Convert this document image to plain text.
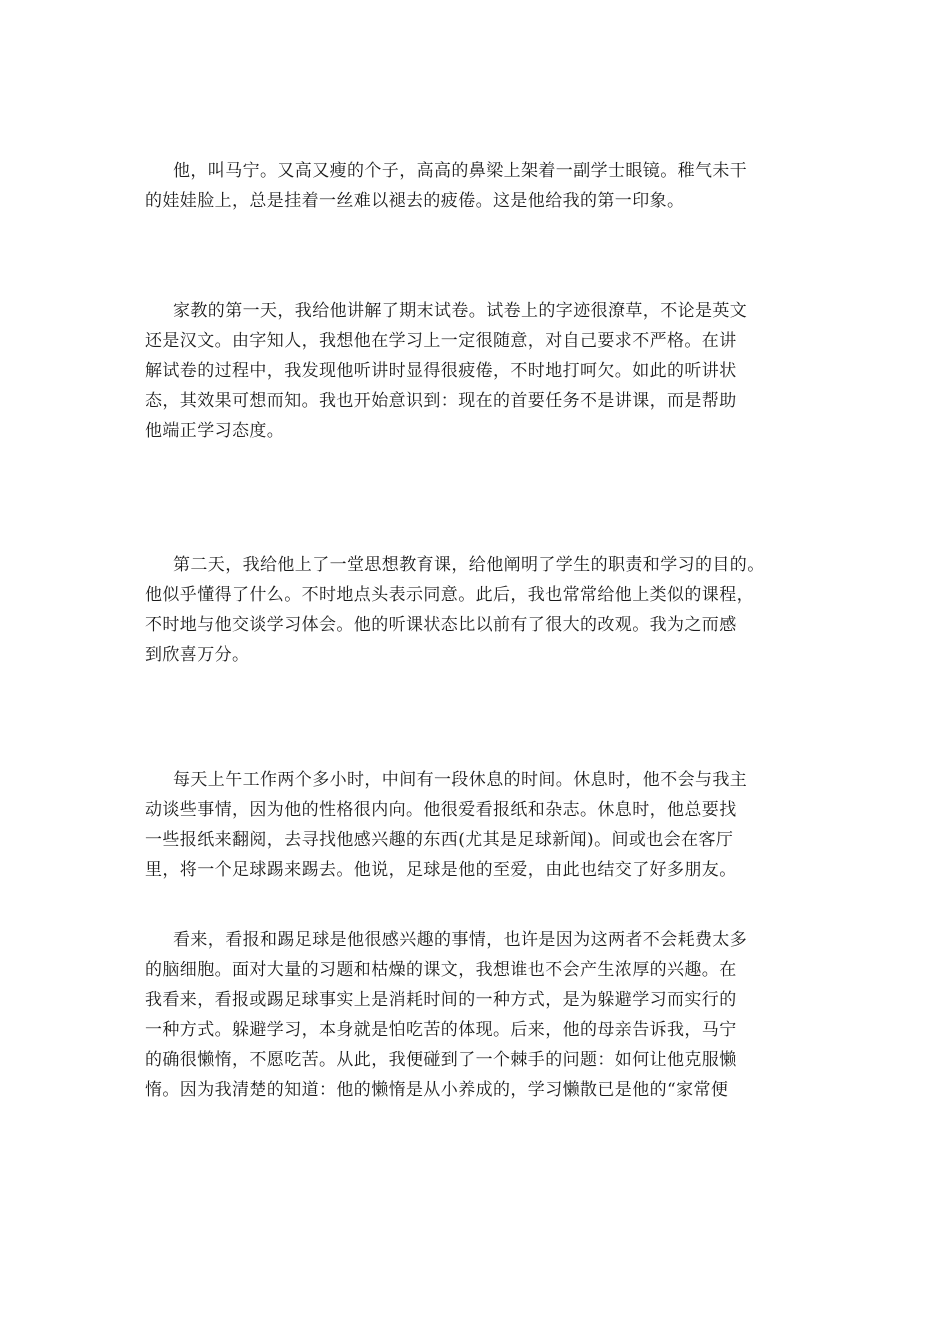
他，叫马宁。又高又瘦的个子，高高的鼻梁上架着一副学士眼镜。稚气未干
的娃娃脸上，总是挂着一丝难以褪去的疲倦。这是他给我的第一印象。
家教的第一天，我给他讲解了期末试卷。试卷上的字迹很潦草，不论是英文
还是汉文。由字知人，我想他在学习上一定很随意，对自己要求不严格。在讲
解试卷的过程中，我发现他听讲时显得很疲倦，不时地打呵欠。如此的听讲状
态，其效果可想而知。我也开始意识到：现在的首要任务不是讲课，而是帮助
他端正学习态度。
第二天，我给他上了一堂思想教育课，给他阐明了学生的职责和学习的目的。
他似乎懂得了什么。不时地点头表示同意。此后，我也常常给他上类似的课程，
不时地与他交谈学习体会。他的听课状态比以前有了很大的改观。我为之而感
到欣喜万分。
每天上午工作两个多小时，中间有一段休息的时间。休息时，他不会与我主
动谈些事情，因为他的性格很内向。他很爱看报纸和杂志。休息时，他总要找
一些报纸来翻阅，去寻找他感兴趣的东西(尤其是足球新闻)。间或也会在客厅
里，将一个足球踢来踢去。他说，足球是他的至爱，由此也结交了好多朋友。
看来，看报和踢足球是他很感兴趣的事情，也许是因为这两者不会耗费太多
的脑细胞。面对大量的习题和枯燥的课文，我想谁也不会产生浓厚的兴趣。在
我看来，看报或踢足球事实上是消耗时间的一种方式，是为躲避学习而实行的
一种方式。躲避学习，本身就是怕吃苦的体现。后来，他的母亲告诉我，马宁
的确很懒惰，不愿吃苦。从此，我便碰到了一个棘手的问题：如何让他克服懒
惰。因为我清楚的知道：他的懒惰是从小养成的，学习懒散已是他的“家常便
